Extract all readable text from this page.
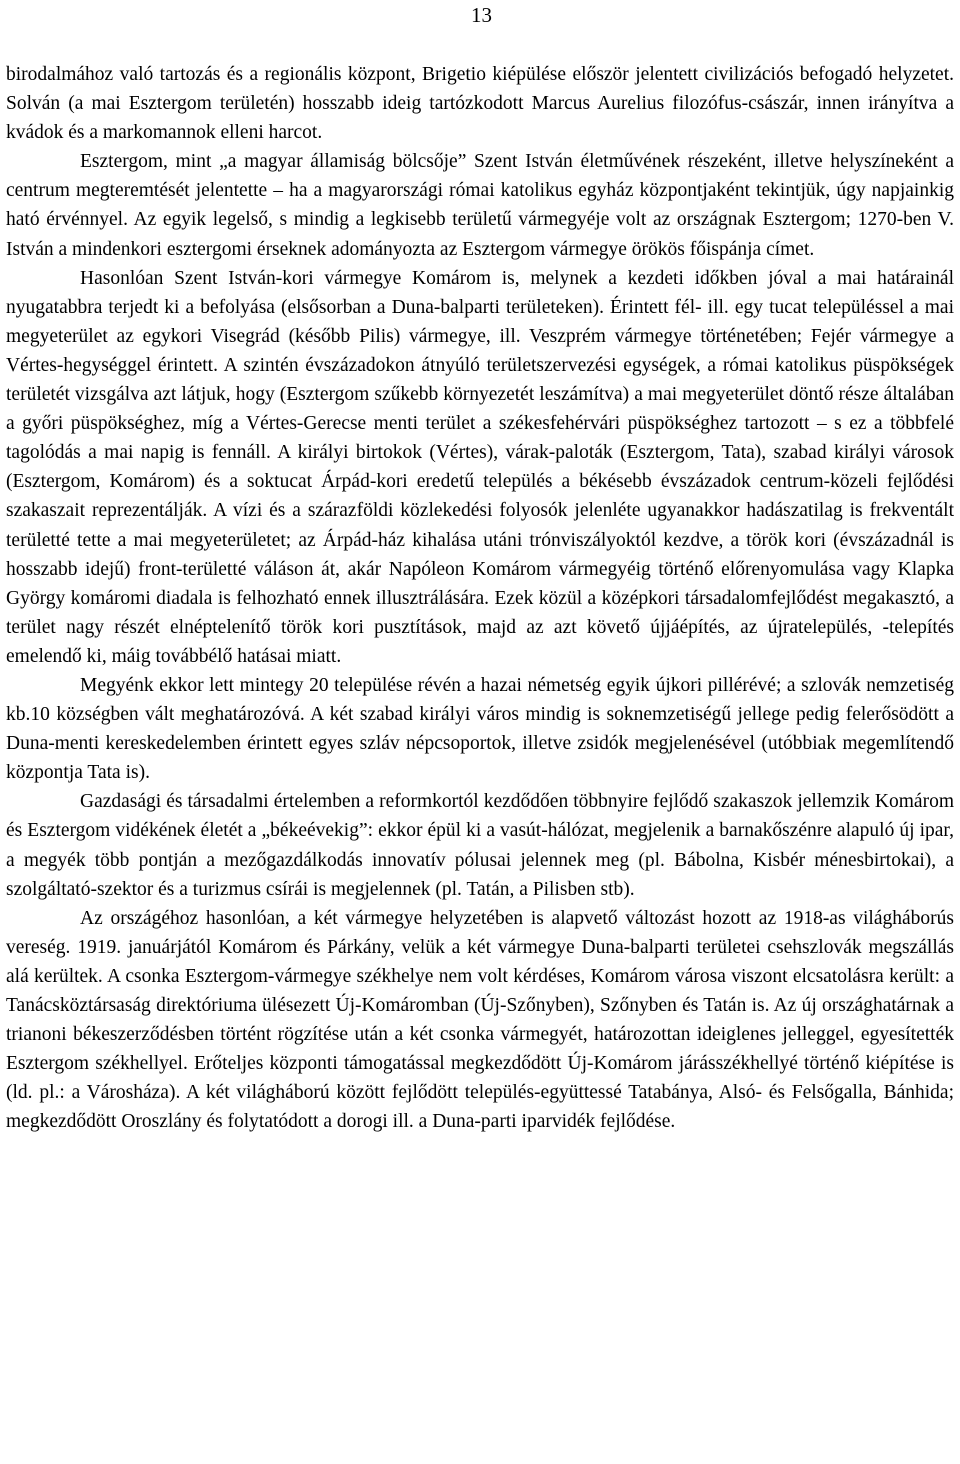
13

birodalmához való tartozás és a regionális központ, Brigetio kiépülése először jelentett civilizációs befogadó helyzetet. Solván (a mai Esztergom területén) hosszabb ideig tartózkodott Marcus Aurelius filozófus-császár, innen irányítva a kvádok és a markomannok elleni harcot.

Esztergom, mint „a magyar államiság bölcsője” Szent István életművének részeként, illetve helyszíneként a centrum megteremtését jelentette – ha a magyarországi római katolikus egyház központjaként tekintjük, úgy napjainkig ható érvénnyel. Az egyik legelső, s mindig a legkisebb területű vármegyéje volt az országnak Esztergom; 1270-ben V. István a mindenkori esztergomi érseknek adományozta az Esztergom vármegye örökös főispánja címet.

Hasonlóan Szent István-kori vármegye Komárom is, melynek a kezdeti időkben jóval a mai határainál nyugatabbra terjedt ki a befolyása (elsősorban a Duna-balparti területeken). Érintett fél- ill. egy tucat településsel a mai megyeterület az egykori Visegrád (később Pilis) vármegye, ill. Veszprém vármegye történetében; Fejér vármegye a Vértes-hegységgel érintett. A szintén évszázadokon átnyúló területszervezési egységek, a római katolikus püspökségek területét vizsgálva azt látjuk, hogy (Esztergom szűkebb környezetét leszámítva) a mai megyeterület döntő része általában a győri püspökséghez, míg a Vértes-Gerecse menti terület a székesfehérvári püspökséghez tartozott – s ez a többfelé tagolódás a mai napig is fennáll. A királyi birtokok (Vértes), várak-paloták (Esztergom, Tata), szabad királyi városok (Esztergom, Komárom) és a soktucat Árpád-kori eredetű település a békésebb évszázadok centrum-közeli fejlődési szakaszait reprezentálják. A vízi és a szárazföldi közlekedési folyosók jelenléte ugyanakkor hadászatilag is frekventált területté tette a mai megyeterületet; az Árpád-ház kihalása utáni trónviszályoktól kezdve, a török kori (évszázadnál is hosszabb idejű) front-területté váláson át, akár Napóleon Komárom vármegyéig történő előrenyomulása vagy Klapka György komáromi diadala is felhozható ennek illusztrálására. Ezek közül a középkori társadalomfejlődést megakasztó, a terület nagy részét elnéptelenítő török kori pusztítások, majd az azt követő újjáépítés, az újratelepülés, -telepítés emelendő ki, máig továbbélő hatásai miatt.

Megyénk ekkor lett mintegy 20 települése révén a hazai németség egyik újkori pillérévé; a szlovák nemzetiség kb.10 községben vált meghatározóvá. A két szabad királyi város mindig is soknemzetiségű jellege pedig felerősödött a Duna-menti kereskedelemben érintett egyes szláv népcsoportok, illetve zsidók megjelenésével (utóbbiak megemlítendő központja Tata is).

Gazdasági és társadalmi értelemben a reformkortól kezdődően többnyire fejlődő szakaszok jellemzik Komárom és Esztergom vidékének életét a „békeévekig”: ekkor épül ki a vasút-hálózat, megjelenik a barnakőszénre alapuló új ipar, a megyék több pontján a mezőgazdálkodás innovatív pólusai jelennek meg (pl. Bábolna, Kisbér ménesbirtokai), a szolgáltató-szektor és a turizmus csírái is megjelennek (pl. Tatán, a Pilisben stb).

Az országéhoz hasonlóan, a két vármegye helyzetében is alapvető változást hozott az 1918-as világháborús vereség. 1919. januárjától Komárom és Párkány, velük a két vármegye Duna-balparti területei csehszlovák megszállás alá kerültek. A csonka Esztergom-vármegye székhelye nem volt kérdéses, Komárom városa viszont elcsatolásra került: a Tanácsköztársaság direktóriuma ülésezett Új-Komáromban (Új-Szőnyben), Szőnyben és Tatán is. Az új országhatárnak a trianoni békeszerződésben történt rögzítése után a két csonka vármegyét, határozottan ideiglenes jelleggel, egyesítették Esztergom székhellyel. Erőteljes központi támogatással megkezdődött Új-Komárom járásszékhellyé történő kiépítése is (ld. pl.: a Városháza). A két világháború között fejlődött település-együttessé Tatabánya, Alsó- és Felsőgalla, Bánhida; megkezdődött Oroszlány és folytatódott a dorogi ill. a Duna-parti iparvidék fejlődése.
